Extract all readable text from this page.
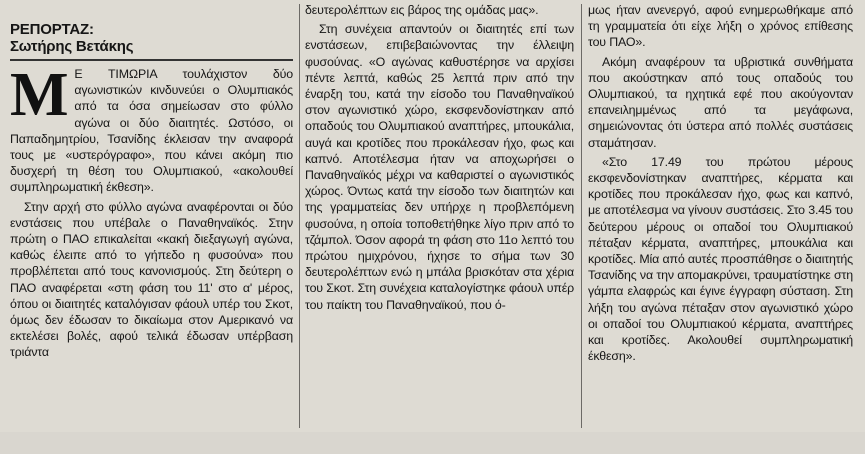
ΡΕΠΟΡΤΑΖ:
Σωτήρης Βετάκης

Μ Ε ΤΙΜΩΡΙΑ τουλάχιστον δύο αγωνιστικών κινδυνεύει ο Ολυμπιακός από τα όσα σημείωσαν στο φύλλο αγώνα οι δύο διαιτητές. Ωστόσο, οι Παπαδημητρίου, Τσανίδης έκλεισαν την αναφορά τους με «υστερόγραφο», που κάνει ακόμη πιο δυσχερή τη θέση του Ολυμπιακού, «ακολουθεί συμπληρωματική έκθεση».

Στην αρχή στο φύλλο αγώνα αναφέρονται οι δύο ενστάσεις που υπέβαλε ο Παναθηναϊκός. Στην πρώτη ο ΠΑΟ επικαλείται «κακή διεξαγωγή αγώνα, καθώς έλειπε από το γήπεδο η φυσούνα» που προβλέπεται από τους κανονισμούς. Στη δεύτερη ο ΠΑΟ αναφέρεται «στη φάση του 11' στο α' μέρος, όπου οι διαιτητές καταλόγισαν φάουλ υπέρ του Σκοτ, όμως δεν έδωσαν το δικαίωμα στον Αμερικανό να εκτελέσει βολές, αφού τελικά έδωσαν υπέρβαση τριάντα

δευτερολέπτων εις βάρος της ομάδας μας».

Στη συνέχεια απαντούν οι διαιτητές επί των ενστάσεων, επιβεβαιώνοντας την έλλειψη φυσούνας. «Ο αγώνας καθυστέρησε να αρχίσει πέντε λεπτά, καθώς 25 λεπτά πριν από την έναρξη του, κατά την είσοδο του Παναθηναϊκού στον αγωνιστικό χώρο, εκσφενδονίστηκαν από οπαδούς του Ολυμπιακού αναπτήρες, μπουκάλια, αυγά και κροτίδες που προκάλεσαν ήχο, φως και καπνό. Αποτέλεσμα ήταν να αποχωρήσει ο Παναθηναϊκός μέχρι να καθαριστεί ο αγωνιστικός χώρος. Όντως κατά την είσοδο των διαιτητών και της γραμματείας δεν υπήρχε η προβλεπόμενη φυσούνα, η οποία τοποθετήθηκε λίγο πριν από το τζάμπολ. Όσον αφορά τη φάση στο 11ο λεπτό του πρώτου ημιχρόνου, ήχησε το σήμα των 30 δευτερολέπτων ενώ η μπάλα βρισκόταν στα χέρια του Σκοτ. Στη συνέχεια καταλογίστηκε φάουλ υπέρ του παίκτη του Παναθηναϊκού, που ό-

μως ήταν ανενεργό, αφού ενημερωθήκαμε από τη γραμματεία ότι είχε λήξη ο χρόνος επίθεσης του ΠΑΟ».

Ακόμη αναφέρουν τα υβριστικά συνθήματα που ακούστηκαν από τους οπαδούς του Ολυμπιακού, τα ηχητικά εφέ που ακούγονταν επανειλημμένως από τα μεγάφωνα, σημειώνοντας ότι ύστερα από πολλές συστάσεις σταμάτησαν.

«Στο 17.49 του πρώτου μέρους εκσφενδονίστηκαν αναπτήρες, κέρματα και κροτίδες που προκάλεσαν ήχο, φως και καπνό, με αποτέλεσμα να γίνουν συστάσεις. Στο 3.45 του δεύτερου μέρους οι οπαδοί του Ολυμπιακού πέταξαν κέρματα, αναπτήρες, μπουκάλια και κροτίδες. Μία από αυτές προσπάθησε ο διαιτητής Τσανίδης να την απομακρύνει, τραυματίστηκε στη γάμπα ελαφρώς και έγινε έγγραφη σύσταση. Στη λήξη του αγώνα πέταξαν στον αγωνιστικό χώρο οι οπαδοί του Ολυμπιακού κέρματα, αναπτήρες και κροτίδες. Ακολουθεί συμπληρωματική έκθεση».
